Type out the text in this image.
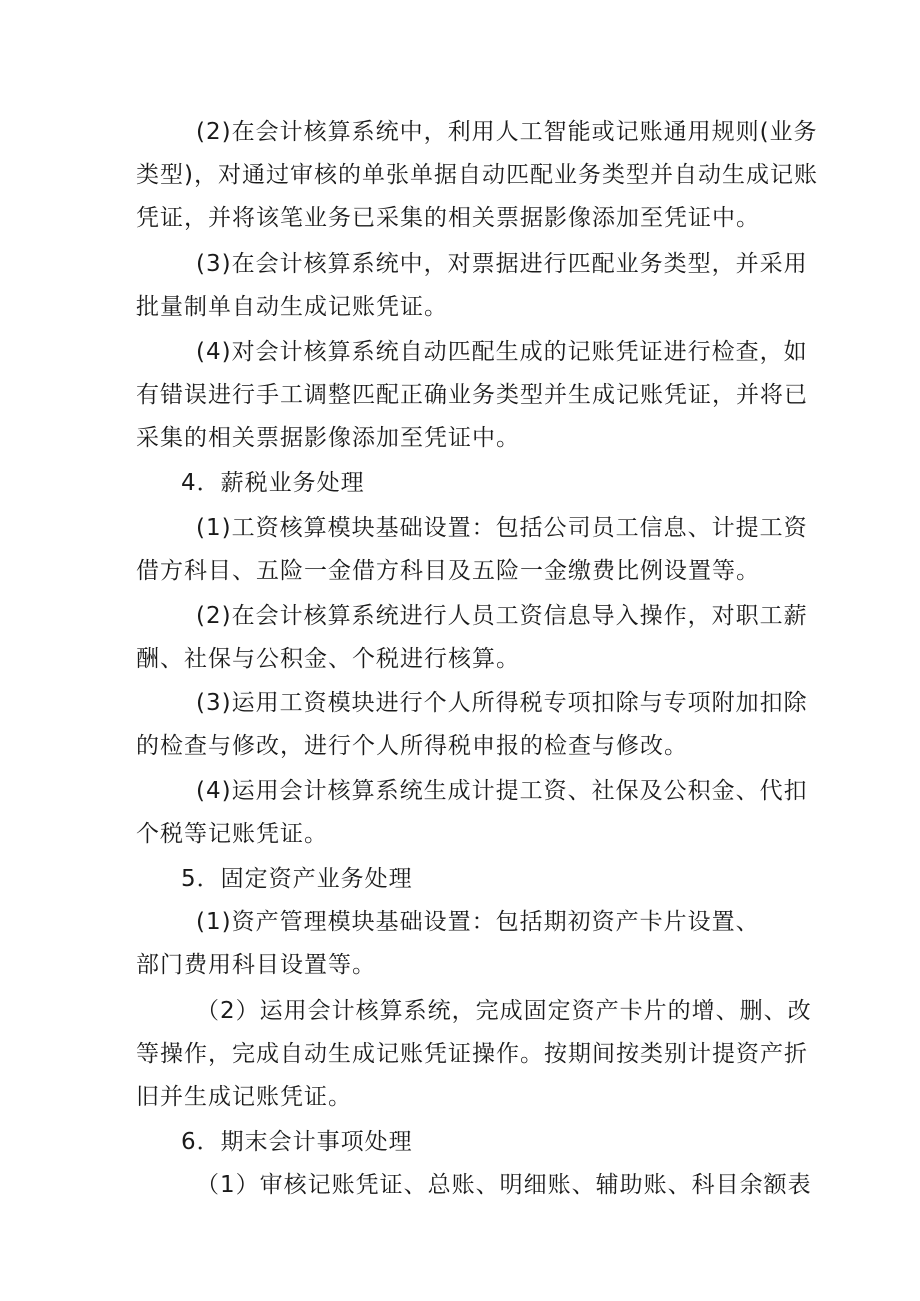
(2)在会计核算系统中，利用人工智能或记账通用规则(业务
类型)，对通过审核的单张单据自动匹配业务类型并自动生成记账
凭证，并将该笔业务已采集的相关票据影像添加至凭证中。
(3)在会计核算系统中，对票据进行匹配业务类型，并采用
批量制单自动生成记账凭证。
(4)对会计核算系统自动匹配生成的记账凭证进行检查，如
有错误进行手工调整匹配正确业务类型并生成记账凭证，并将已
采集的相关票据影像添加至凭证中。
4．薪税业务处理
(1)工资核算模块基础设置：包括公司员工信息、计提工资
借方科目、五险一金借方科目及五险一金缴费比例设置等。
(2)在会计核算系统进行人员工资信息导入操作，对职工薪
酬、社保与公积金、个税进行核算。
(3)运用工资模块进行个人所得税专项扣除与专项附加扣除
的检查与修改，进行个人所得税申报的检查与修改。
(4)运用会计核算系统生成计提工资、社保及公积金、代扣
个税等记账凭证。
5．固定资产业务处理
(1)资产管理模块基础设置：包括期初资产卡片设置、
部门费用科目设置等。
（2）运用会计核算系统，完成固定资产卡片的增、删、改
等操作，完成自动生成记账凭证操作。按期间按类别计提资产折
旧并生成记账凭证。
6．期末会计事项处理
（1）审核记账凭证、总账、明细账、辅助账、科目余额表
